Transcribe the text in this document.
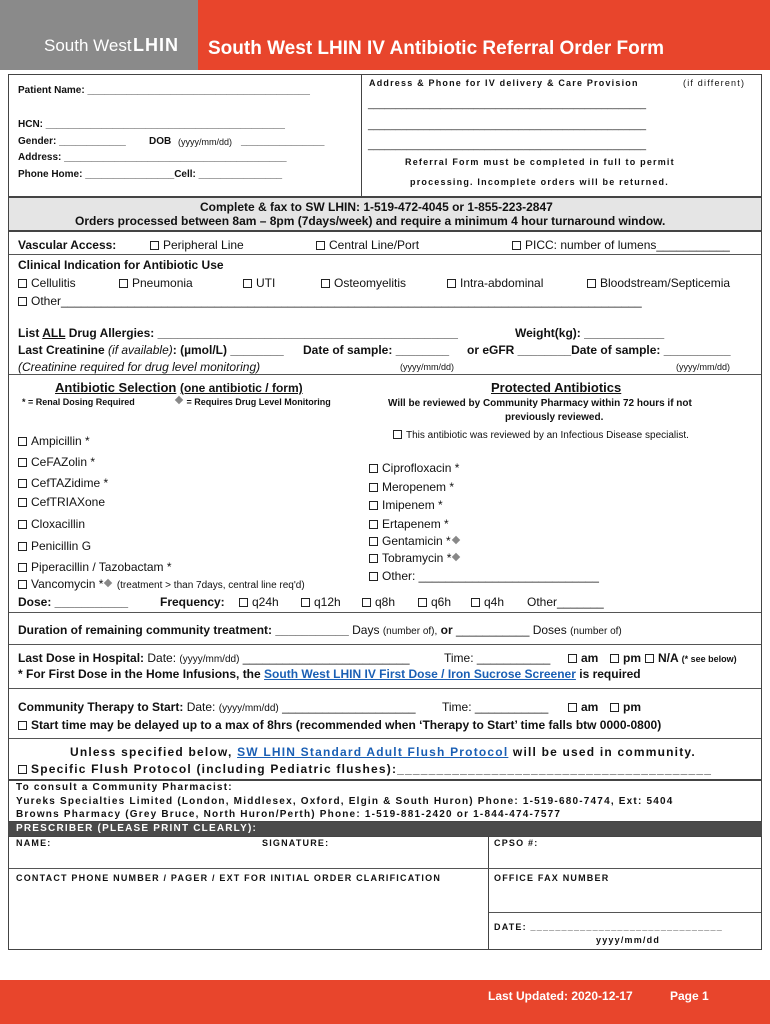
South West LHIN South West LHIN IV Antibiotic Referral Order Form
Patient Name: ________________________________________
HCN: ___________________________________________
Gender: ____________ DOB (yyyy/mm/dd) _______________
Address: ________________________________________
Phone Home: ________________Cell: _______________
Address & Phone for IV delivery & Care Provision	(if different)
__________________________________________________
__________________________________________________
__________________________________________________
Referral Form must be completed in full to permit
processing. Incomplete orders will be returned.
Complete & fax to SW LHIN: 1-519-472-4045 or 1-855-223-2847
Orders processed between 8am – 8pm (7days/week) and require a minimum 4 hour turnaround window.
Vascular Access:	Peripheral Line	Central Line/Port	PICC: number of lumens___________
Clinical Indication for Antibiotic Use
Cellulitis	Pneumonia	UTI	Osteomyelitis	Intra-abdominal	Bloodstream/Septicemia
Other_______________________________________________________________________________________
List ALL Drug Allergies: _____________________________________________	Weight(kg): ____________
Last Creatinine (if available): (µmol/L) ________ Date of sample: ________ or eGFR ________Date of sample: __________
(Creatinine required for drug level monitoring)	(yyyy/mm/dd)	(yyyy/mm/dd)
Antibiotic Selection (one antibiotic / form)
* = Renal Dosing Required	= Requires Drug Level Monitoring
Ampicillin *
CeFAZolin *
CefTAZidime *
CefTRIAXone
Cloxacillin
Penicillin G
Piperacillin / Tazobactam *
Vancomycin * (treatment > than 7days, central line req'd)
Protected Antibiotics
Will be reviewed by Community Pharmacy within 72 hours if not
previously reviewed.
This antibiotic was reviewed by an Infectious Disease specialist.
Ciprofloxacin *
Meropenem *
Imipenem *
Ertapenem *
Gentamicin *
Tobramycin *
Other: ___________________________
Dose: ___________	Frequency:	q24h	q12h	q8h	q6h	q4h Other_______
Duration of remaining community treatment: ___________ Days (number of), or ___________ Doses (number of)
Last Dose in Hospital: Date: (yyyy/mm/dd) _________________________	Time: ___________	am	pm	N/A (* see below)
* For First Dose in the Home Infusions, the South West LHIN IV First Dose / Iron Sucrose Screener is required
Community Therapy to Start: Date: (yyyy/mm/dd) ____________________ Time: ___________	am	pm
Start time may be delayed up to a max of 8hrs (recommended when ‘Therapy to Start’ time falls btw 0000-0800)
Unless specified below, SW LHIN Standard Adult Flush Protocol will be used in community.
Specific Flush Protocol (including Pediatric flushes):________________________________________
To consult a Community Pharmacist:
Yureks Specialties Limited (London, Middlesex, Oxford, Elgin & South Huron) Phone: 1-519-680-7474, Ext: 5404
Browns Pharmacy (Grey Bruce, North Huron/Perth) Phone: 1-519-881-2420 or 1-844-474-7577
PRESCRIBER (PLEASE PRINT CLEARLY):
NAME:	SIGNATURE:	CPSO #:
CONTACT PHONE NUMBER / PAGER / EXT FOR INITIAL ORDER CLARIFICATION	OFFICE FAX NUMBER
DATE: _______________________________
yyyy/mm/dd
Last Updated: 2020-12-17	Page 1
